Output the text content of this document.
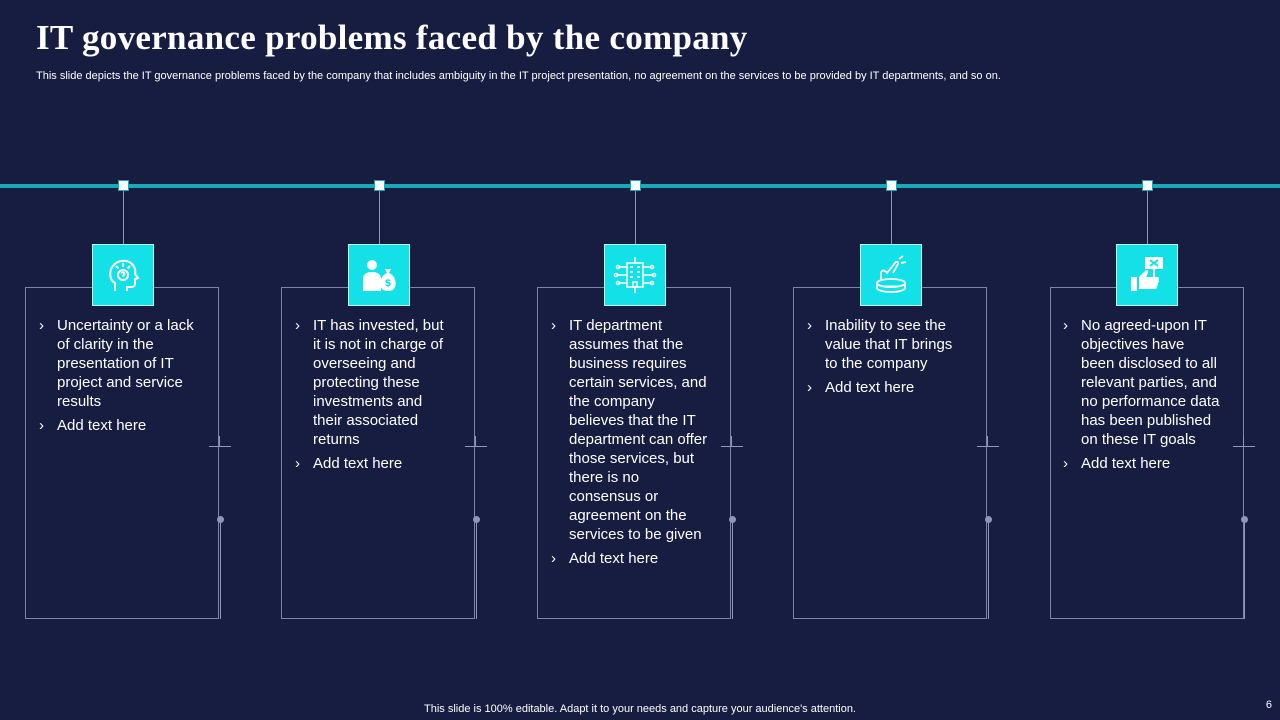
IT governance problems faced by the company

This slide depicts the IT governance problems faced by the company that includes ambiguity in the IT project presentation, no agreement on the services to be provided by IT departments, and so on.

› Uncertainty or a lack of clarity in the presentation of IT project and service results
› Add text here
$
› IT has invested, but it is not in charge of overseeing and protecting these investments and their associated returns
› Add text here
› IT department assumes that the business requires certain services, and the company believes that the IT department can offer those services, but there is no consensus or agreement on the services to be given
› Add text here
› Inability to see the value that IT brings to the company
› Add text here
› No agreed-upon IT objectives have been disclosed to all relevant parties, and no performance data has been published on these IT goals
› Add text here
This slide is 100% editable. Adapt it to your needs and capture your audience's attention.	6
